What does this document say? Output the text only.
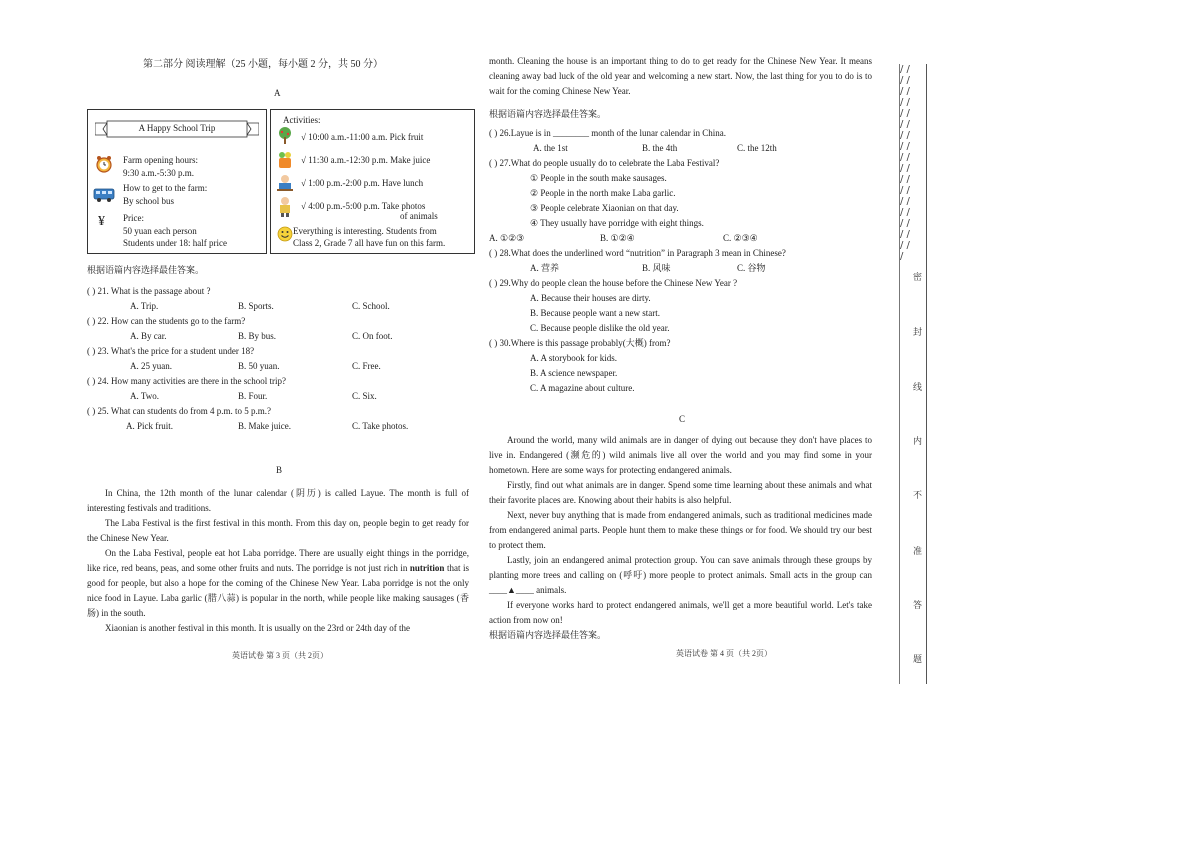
第二部分 阅读理解（25 小题，每小题 2 分，共 50 分）
A
A Happy School Trip
Farm opening hours:
9:30 a.m.-5:30 p.m.
How to get to the farm:
By school bus
¥ Price:
50 yuan each person
Students under 18: half price
Activities:
√ 10:00 a.m.-11:00 a.m. Pick fruit
√ 11:30 a.m.-12:30 p.m. Make juice
√ 1:00 p.m.-2:00 p.m. Have lunch
√ 4:00 p.m.-5:00 p.m. Take photos
of animals
Everything is interesting. Students from
Class 2, Grade 7 all have fun on this farm.
根据语篇内容选择最佳答案。
( ) 21. What is the passage about ?
A. Trip.	B. Sports.	C. School.
( ) 22. How can the students go to the farm?
A. By car.	B. By bus.	C. On foot.
( ) 23. What's the price for a student under 18?
A. 25 yuan.	B. 50 yuan.	C. Free.
( ) 24. How many activities are there in the school trip?
A. Two.	B. Four.	C. Six.
( ) 25. What can students do from 4 p.m. to 5 p.m.?
A. Pick fruit.	B. Make juice.	C. Take photos.
B
In China, the 12th month of the lunar calendar (阴历) is called Layue. The month is full of interesting festivals and traditions.
The Laba Festival is the first festival in this month. From this day on, people begin to get ready for the Chinese New Year.
On the Laba Festival, people eat hot Laba porridge. There are usually eight things in the porridge, like rice, red beans, peas, and some other fruits and nuts. The porridge is not just rich in nutrition that is good for people, but also a hope for the coming of the Chinese New Year. Laba porridge is not the only nice food in Layue. Laba garlic (腊八蒜) is popular in the north, while people like making sausages (香肠) in the south.
Xiaonian is another festival in this month. It is usually on the 23rd or 24th day of the
英语试卷 第 3 页（共 2页）
month. Cleaning the house is an important thing to do to get ready for the Chinese New Year. It means cleaning away bad luck of the old year and welcoming a new start. Now, the last thing for you to do is to wait for the coming Chinese New Year.
根据语篇内容选择最佳答案。
( ) 26.Layue is in ________ month of the lunar calendar in China.
A. the 1st	B. the 4th	C. the 12th
( ) 27.What do people usually do to celebrate the Laba Festival?
① People in the south make sausages.
② People in the north make Laba garlic.
③ People celebrate Xiaonian on that day.
④ They usually have porridge with eight things.
A. ①②③	B. ①②④	C. ②③④
( ) 28.What does the underlined word “nutrition” in Paragraph 3 mean in Chinese?
A. 营养	B. 风味	C. 谷物
( ) 29.Why do people clean the house before the Chinese New Year ?
A. Because their houses are dirty.
B. Because people want a new start.
C. Because people dislike the old year.
( ) 30.Where is this passage probably(大概) from?
A. A storybook for kids.
B. A science newspaper.
C. A magazine about culture.
C
Around the world, many wild animals are in danger of dying out because they don't have places to live in. Endangered (濒危的) wild animals live all over the world and you may find some in your hometown. Here are some ways for protecting endangered animals.
Firstly, find out what animals are in danger. Spend some time learning about these animals and what their favorite places are. Knowing about their habits is also helpful.
Next, never buy anything that is made from endangered animals, such as traditional medicines made from endangered animal parts. People hunt them to make these things or for food. We should try our best to protect them.
Lastly, join an endangered animal protection group. You can save animals through these groups by planting more trees and calling on (呼吁) more people to protect animals. Small acts in the group can ____▲____ animals.
If everyone works hard to protect endangered animals, we'll get a more beautiful world. Let's take action from now on!
根据语篇内容选择最佳答案。
英语试卷 第 4 页（共 2页）
/ /
/ /
/ /
/ /
/ /
/ /
/ /
/ /
/ /
/ /
/ /
/ /
/ /
/ /
/ /
/ /
/ /
/
密
封
线
内
不
准
答
题
